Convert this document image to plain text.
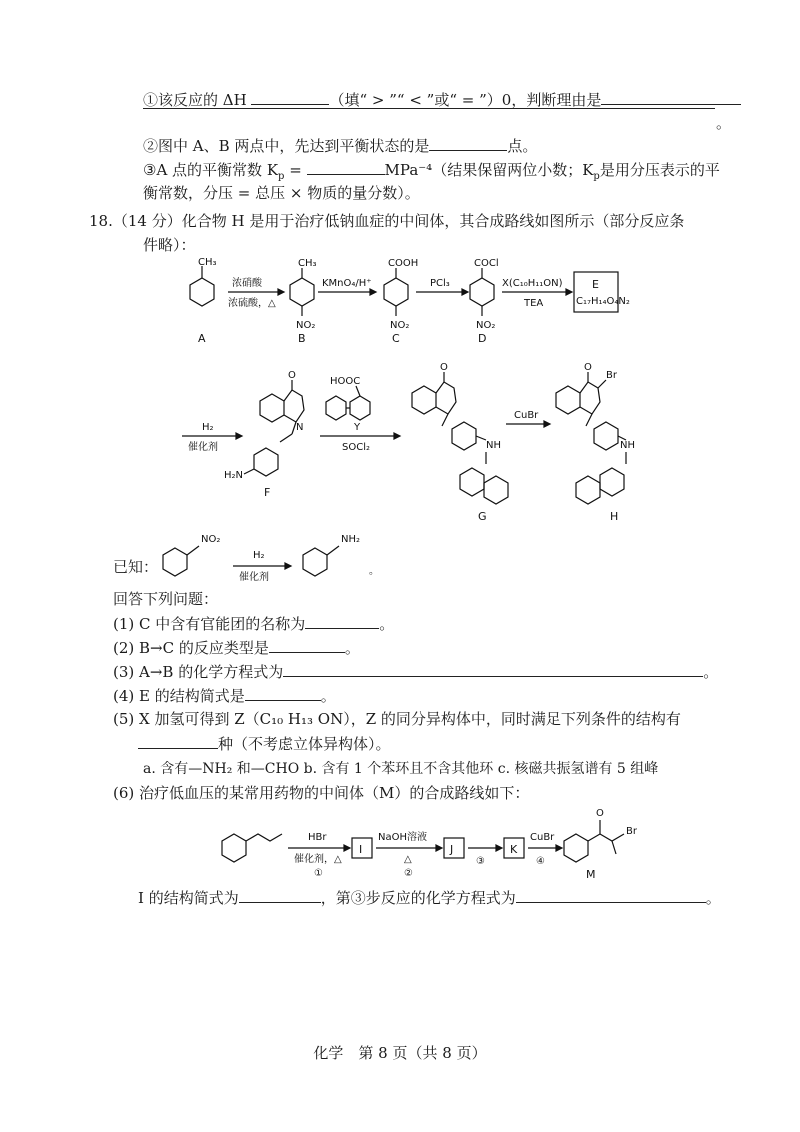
①该反应的 ΔH	（填“ > ”“ < ”或“ = ”）0，判断理由是
。
②图中 A、B 两点中，先达到平衡状态的是	点。
③A 点的平衡常数 $K_p$ =	MPa⁻⁴（结果保留两位小数；$K_p$是用分压表示的平
衡常数，分压 = 总压 × 物质的量分数）。
18.（14 分）化合物 H 是用于治疗低钠血症的中间体，其合成路线如图所示（部分反应条
件略）：
CH₃
A
浓硝酸
浓硫酸，△
CH₃
NO₂
B
KMnO₄/H⁺
COOH
NO₂
C
PCl₃
COCl
NO₂
D
X(C₁₀H₁₁ON)
TEA
E
C₁₇H₁₄O₄N₂
H₂
催化剂
O
N
H₂N
F
HOOC
Y
SOCl₂
O
NH
G
CuBr
O
Br
NH
H
已知：
NO₂
H₂
催化剂
NH₂
。
回答下列问题：
(1) C 中含有官能团的名称为	。
(2) B→C 的反应类型是	。
(3) A→B 的化学方程式为	。
(4) E 的结构简式是	。
(5) X 加氢可得到 Z（C₁₀ H₁₃ ON），Z 的同分异构体中，同时满足下列条件的结构有
种（不考虑立体异构体）。
a. 含有—NH₂ 和—CHO b. 含有 1 个苯环且不含其他环 c. 核磁共振氢谱有 5 组峰
(6) 治疗低血压的某常用药物的中间体（M）的合成路线如下：
HBr
催化剂，△
①
I
NaOH溶液
△
②
J
③
K
CuBr
④
O
Br
M
I 的结构简式为	，第③步反应的化学方程式为	。
化学　第 8 页（共 8 页）
